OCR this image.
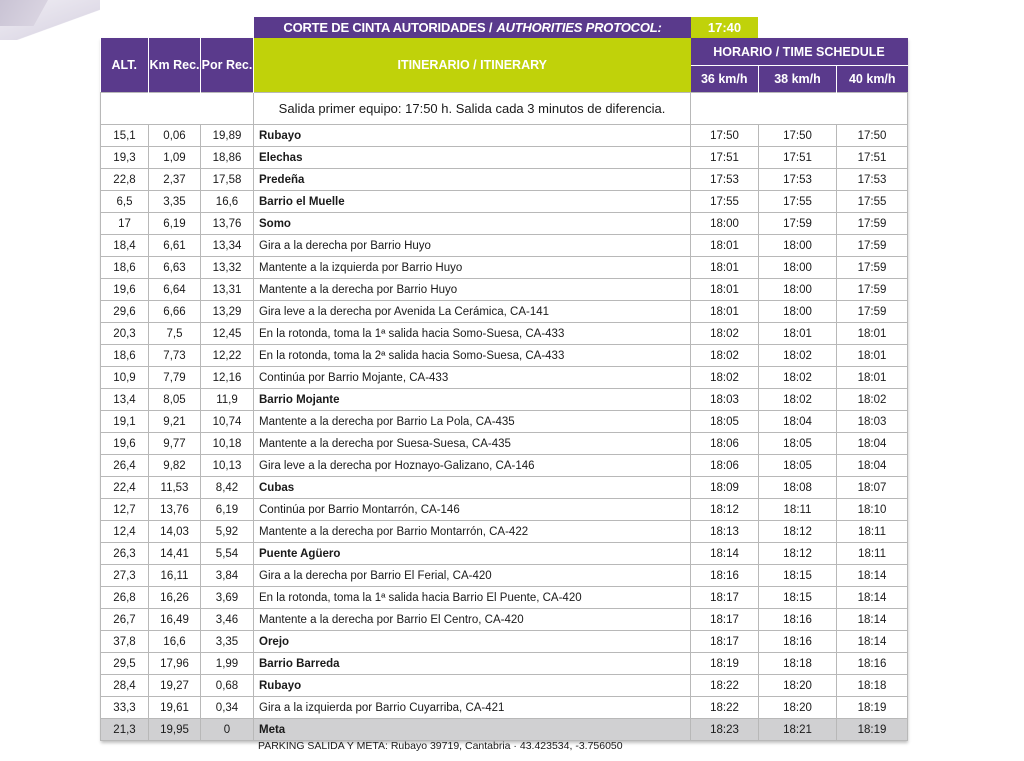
CORTE DE CINTA AUTORIDADES / AUTHORITIES PROTOCOL:	17:40
ALT.	Km Rec.	Por Rec.	ITINERARIO / ITINERARY	HORARIO / TIME SCHEDULE		
				36 km/h	38 km/h	40 km/h
			Salida primer equipo: 17:50 h. Salida cada 3 minutos de diferencia.			
15,1	0,06	19,89	Rubayo	17:50	17:50	17:50
19,3	1,09	18,86	Elechas	17:51	17:51	17:51
22,8	2,37	17,58	Predeña	17:53	17:53	17:53
6,5	3,35	16,6	Barrio el Muelle	17:55	17:55	17:55
17	6,19	13,76	Somo	18:00	17:59	17:59
18,4	6,61	13,34	Gira a la derecha por Barrio Huyo	18:01	18:00	17:59
18,6	6,63	13,32	Mantente a la izquierda por Barrio Huyo	18:01	18:00	17:59
19,6	6,64	13,31	Mantente a la derecha por Barrio Huyo	18:01	18:00	17:59
29,6	6,66	13,29	Gira leve a la derecha por Avenida La Cerámica, CA-141	18:01	18:00	17:59
20,3	7,5	12,45	En la rotonda, toma la 1ª salida hacia Somo-Suesa, CA-433	18:02	18:01	18:01
18,6	7,73	12,22	En la rotonda, toma la 2ª salida hacia Somo-Suesa, CA-433	18:02	18:02	18:01
10,9	7,79	12,16	Continúa por Barrio Mojante, CA-433	18:02	18:02	18:01
13,4	8,05	11,9	Barrio Mojante	18:03	18:02	18:02
19,1	9,21	10,74	Mantente a la derecha por Barrio La Pola, CA-435	18:05	18:04	18:03
19,6	9,77	10,18	Mantente a la derecha por Suesa-Suesa, CA-435	18:06	18:05	18:04
26,4	9,82	10,13	Gira leve a la derecha por Hoznayo-Galizano, CA-146	18:06	18:05	18:04
22,4	11,53	8,42	Cubas	18:09	18:08	18:07
12,7	13,76	6,19	Continúa por Barrio Montarrón, CA-146	18:12	18:11	18:10
12,4	14,03	5,92	Mantente a la derecha por Barrio Montarrón, CA-422	18:13	18:12	18:11
26,3	14,41	5,54	Puente Agüero	18:14	18:12	18:11
27,3	16,11	3,84	Gira a la derecha por Barrio El Ferial, CA-420	18:16	18:15	18:14
26,8	16,26	3,69	En la rotonda, toma la 1ª salida hacia Barrio El Puente, CA-420	18:17	18:15	18:14
26,7	16,49	3,46	Mantente a la derecha por Barrio El Centro, CA-420	18:17	18:16	18:14
37,8	16,6	3,35	Orejo	18:17	18:16	18:14
29,5	17,96	1,99	Barrio Barreda	18:19	18:18	18:16
28,4	19,27	0,68	Rubayo	18:22	18:20	18:18
33,3	19,61	0,34	Gira a la izquierda por Barrio Cuyarriba, CA-421	18:22	18:20	18:19
21,3	19,95	0	Meta	18:23	18:21	18:19
PARKING SALIDA Y META: Rubayo 39719, Cantabria · 43.423534, -3.756050
